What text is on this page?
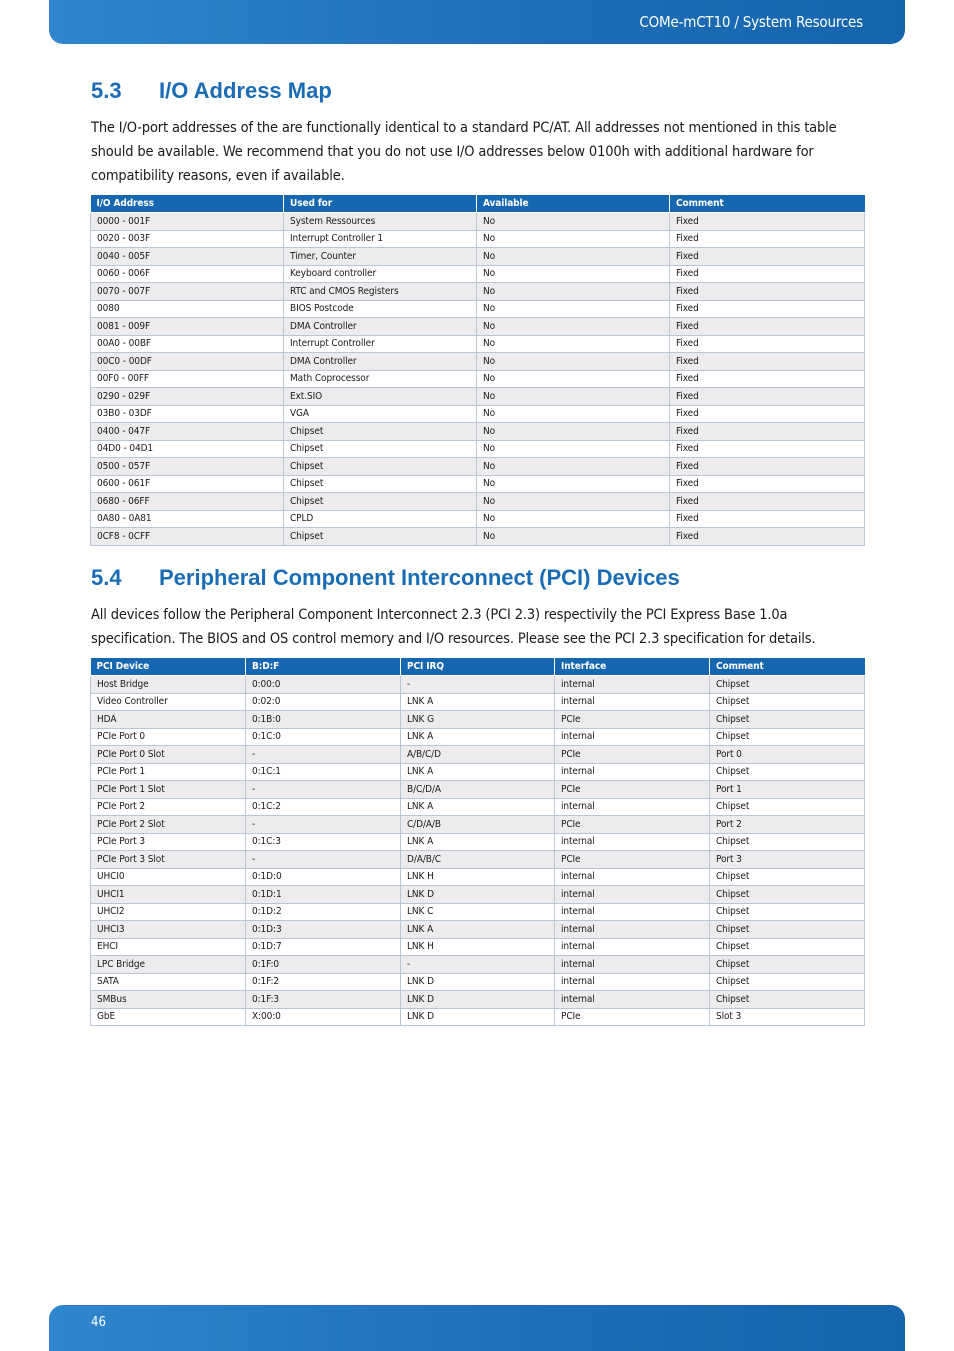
COMe-mCT10 / System Resources
5.3 I/O Address Map

The I/O-port addresses of the are functionally identical to a standard PC/AT. All addresses not mentioned in this table should be available. We recommend that you do not use I/O addresses below 0100h with additional hardware for compatibility reasons, even if available.

I/O Address	Used for	Available	Comment
0000 - 001F	System Ressources	No	Fixed
0020 - 003F	Interrupt Controller 1	No	Fixed
0040 - 005F	Timer, Counter	No	Fixed
0060 - 006F	Keyboard controller	No	Fixed
0070 - 007F	RTC and CMOS Registers	No	Fixed
0080	BIOS Postcode	No	Fixed
0081 - 009F	DMA Controller	No	Fixed
00A0 - 00BF	Interrupt Controller	No	Fixed
00C0 - 00DF	DMA Controller	No	Fixed
00F0 - 00FF	Math Coprocessor	No	Fixed
0290 - 029F	Ext.SIO	No	Fixed
03B0 - 03DF	VGA	No	Fixed
0400 - 047F	Chipset	No	Fixed
04D0 - 04D1	Chipset	No	Fixed
0500 - 057F	Chipset	No	Fixed
0600 - 061F	Chipset	No	Fixed
0680 - 06FF	Chipset	No	Fixed
0A80 - 0A81	CPLD	No	Fixed
0CF8 - 0CFF	Chipset	No	Fixed
5.4 Peripheral Component Interconnect (PCI) Devices

All devices follow the Peripheral Component Interconnect 2.3 (PCI 2.3) respectivily the PCI Express Base 1.0a specification. The BIOS and OS control memory and I/O resources. Please see the PCI 2.3 specification for details.

PCI Device	B:D:F	PCI IRQ	Interface	Comment
Host Bridge	0:00:0	-	internal	Chipset
Video Controller	0:02:0	LNK A	internal	Chipset
HDA	0:1B:0	LNK G	PCIe	Chipset
PCIe Port 0	0:1C:0	LNK A	internal	Chipset
PCIe Port 0 Slot	-	A/B/C/D	PCIe	Port 0
PCIe Port 1	0:1C:1	LNK A	internal	Chipset
PCIe Port 1 Slot	-	B/C/D/A	PCIe	Port 1
PCIe Port 2	0:1C:2	LNK A	internal	Chipset
PCIe Port 2 Slot	-	C/D/A/B	PCIe	Port 2
PCIe Port 3	0:1C:3	LNK A	internal	Chipset
PCIe Port 3 Slot	-	D/A/B/C	PCIe	Port 3
UHCI0	0:1D:0	LNK H	internal	Chipset
UHCI1	0:1D:1	LNK D	internal	Chipset
UHCI2	0:1D:2	LNK C	internal	Chipset
UHCI3	0:1D:3	LNK A	internal	Chipset
EHCI	0:1D:7	LNK H	internal	Chipset
LPC Bridge	0:1F:0	-	internal	Chipset
SATA	0:1F:2	LNK D	internal	Chipset
SMBus	0:1F:3	LNK D	internal	Chipset
GbE	X:00:0	LNK D	PCIe	Slot 3
46
